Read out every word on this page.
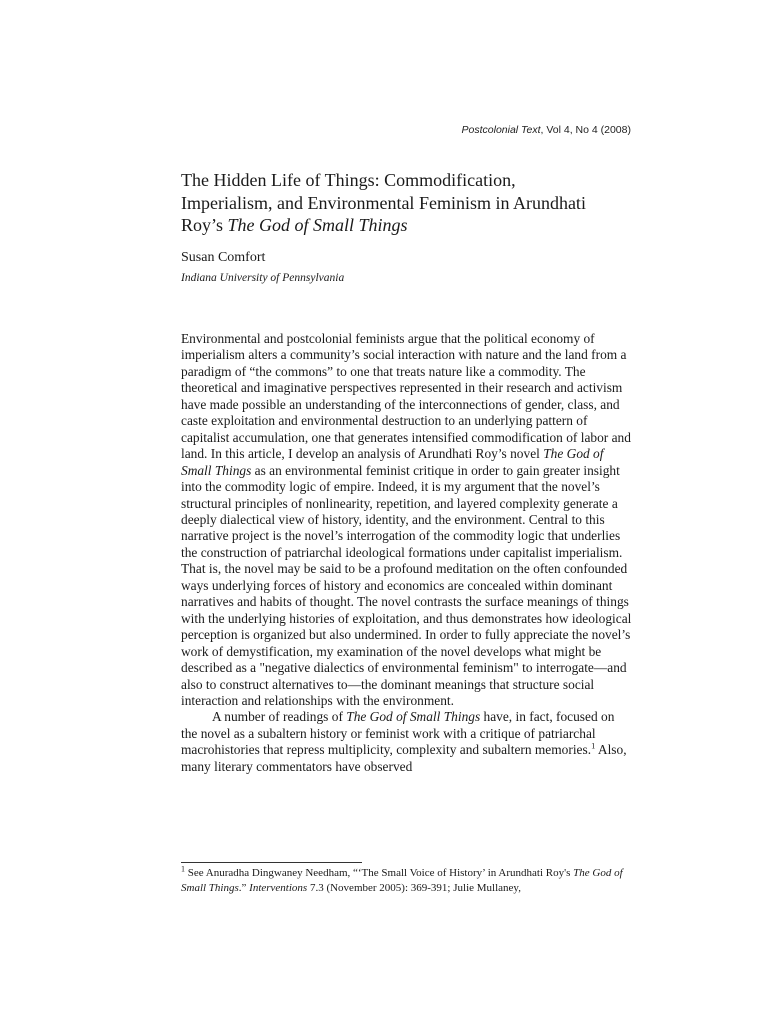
Postcolonial Text, Vol 4, No 4 (2008)
The Hidden Life of Things: Commodification,
Imperialism, and Environmental Feminism in Arundhati
Roy’s The God of Small Things
Susan Comfort
Indiana University of Pennsylvania

Environmental and postcolonial feminists argue that the political economy of imperialism alters a community’s social interaction with nature and the land from a paradigm of “the commons” to one that treats nature like a commodity. The theoretical and imaginative perspectives represented in their research and activism have made possible an understanding of the interconnections of gender, class, and caste exploitation and environmental destruction to an underlying pattern of capitalist accumulation, one that generates intensified commodification of labor and land. In this article, I develop an analysis of Arundhati Roy’s novel The God of Small Things as an environmental feminist critique in order to gain greater insight into the commodity logic of empire. Indeed, it is my argument that the novel’s structural principles of nonlinearity, repetition, and layered complexity generate a deeply dialectical view of history, identity, and the environment. Central to this narrative project is the novel’s interrogation of the commodity logic that underlies the construction of patriarchal ideological formations under capitalist imperialism. That is, the novel may be said to be a profound meditation on the often confounded ways underlying forces of history and economics are concealed within dominant narratives and habits of thought. The novel contrasts the surface meanings of things with the underlying histories of exploitation, and thus demonstrates how ideological perception is organized but also undermined. In order to fully appreciate the novel’s work of demystification, my examination of the novel develops what might be described as a "negative dialectics of environmental feminism" to interrogate—and also to construct alternatives to—the dominant meanings that structure social interaction and relationships with the environment.

A number of readings of The God of Small Things have, in fact, focused on the novel as a subaltern history or feminist work with a critique of patriarchal macrohistories that repress multiplicity, complexity and subaltern memories.$^1$ Also, many literary commentators have observed

$^1$ See Anuradha Dingwaney Needham, “‘The Small Voice of History’ in Arundhati Roy's The God of Small Things.” Interventions 7.3 (November 2005): 369-391; Julie Mullaney,
